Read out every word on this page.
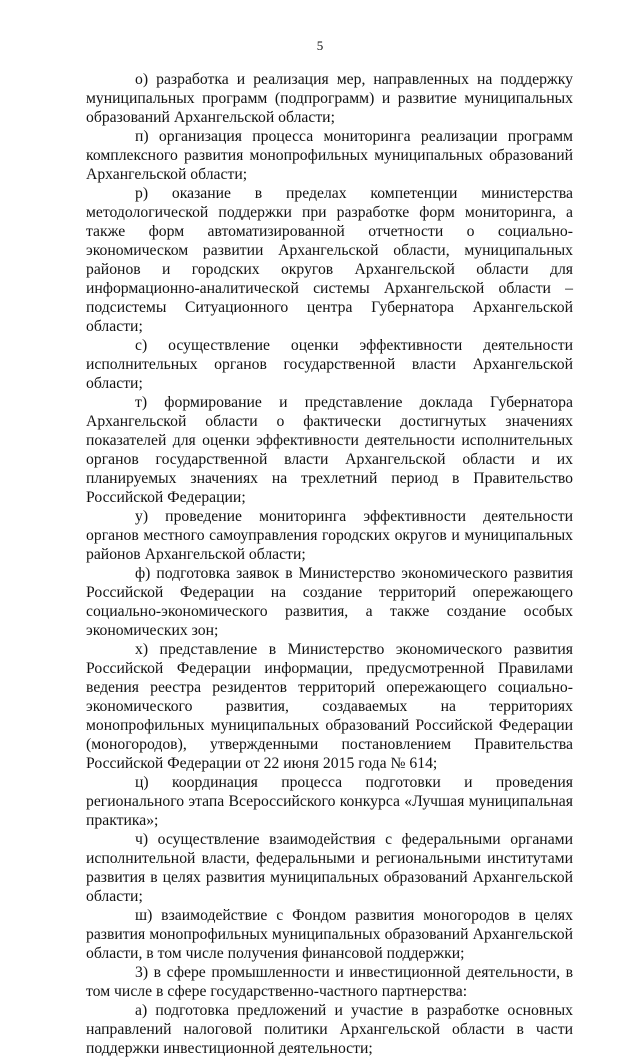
5

о) разработка и реализация мер, направленных на поддержку муниципальных программ (подпрограмм) и развитие муниципальных образований Архангельской области;

п) организация процесса мониторинга реализации программ комплексного развития монопрофильных муниципальных образований Архангельской области;

р) оказание в пределах компетенции министерства методологической поддержки при разработке форм мониторинга, а также форм автоматизированной отчетности о социально-экономическом развитии Архангельской области, муниципальных районов и городских округов Архангельской области для информационно-аналитической системы Архангельской области – подсистемы Ситуационного центра Губернатора Архангельской области;

с) осуществление оценки эффективности деятельности исполнительных органов государственной власти Архангельской области;

т) формирование и представление доклада Губернатора Архангельской области о фактически достигнутых значениях показателей для оценки эффективности деятельности исполнительных органов государственной власти Архангельской области и их планируемых значениях на трехлетний период в Правительство Российской Федерации;

у) проведение мониторинга эффективности деятельности органов местного самоуправления городских округов и муниципальных районов Архангельской области;

ф) подготовка заявок в Министерство экономического развития Российской Федерации на создание территорий опережающего социально-экономического развития, а также создание особых экономических зон;

х) представление в Министерство экономического развития Российской Федерации информации, предусмотренной Правилами ведения реестра резидентов территорий опережающего социально-экономического развития, создаваемых на территориях монопрофильных муниципальных образований Российской Федерации (моногородов), утвержденными постановлением Правительства Российской Федерации от 22 июня 2015 года № 614;

ц) координация процесса подготовки и проведения регионального этапа Всероссийского конкурса «Лучшая муниципальная практика»;

ч) осуществление взаимодействия с федеральными органами исполнительной власти, федеральными и региональными институтами развития в целях развития муниципальных образований Архангельской области;

ш) взаимодействие с Фондом развития моногородов в целях развития монопрофильных муниципальных образований Архангельской области, в том числе получения финансовой поддержки;

3) в сфере промышленности и инвестиционной деятельности, в том числе в сфере государственно-частного партнерства:

а) подготовка предложений и участие в разработке основных направлений налоговой политики Архангельской области в части поддержки инвестиционной деятельности;
